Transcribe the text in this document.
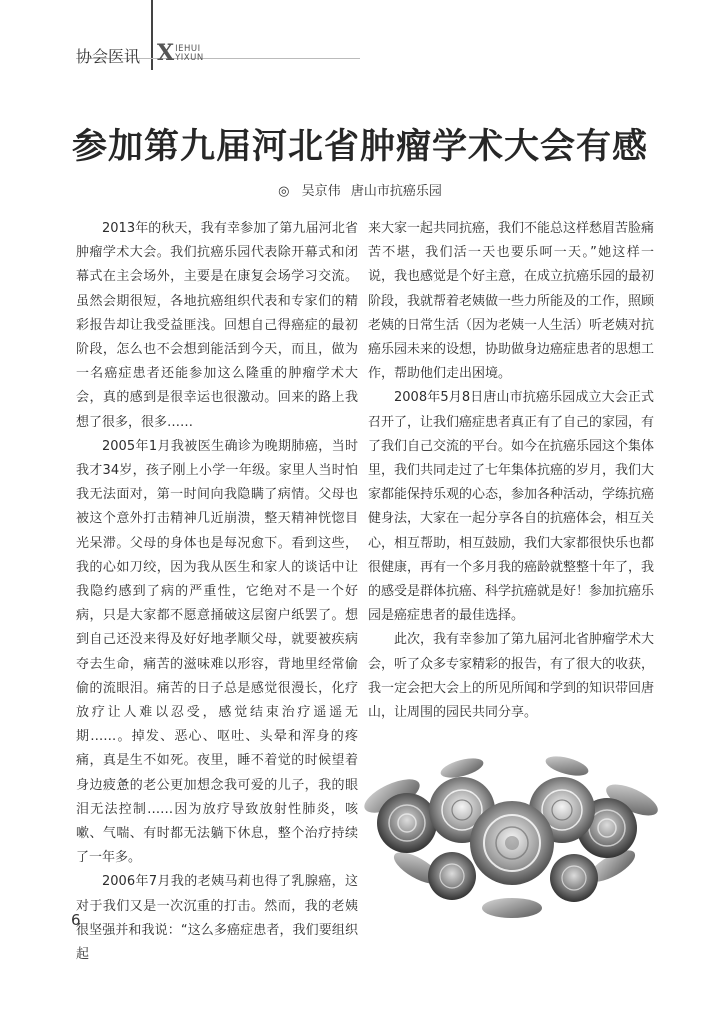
协会医讯 X IEHUI
YIXUN
参加第九届河北省肿瘤学术大会有感
◎ 吴京伟 唐山市抗癌乐园

2013年的秋天，我有幸参加了第九届河北省肿瘤学术大会。我们抗癌乐园代表除开幕式和闭幕式在主会场外，主要是在康复会场学习交流。虽然会期很短，各地抗癌组织代表和专家们的精彩报告却让我受益匪浅。回想自己得癌症的最初阶段，怎么也不会想到能活到今天，而且，做为一名癌症患者还能参加这么隆重的肿瘤学术大会，真的感到是很幸运也很激动。回来的路上我想了很多，很多……

2005年1月我被医生确诊为晚期肺癌，当时我才34岁，孩子刚上小学一年级。家里人当时怕我无法面对，第一时间向我隐瞒了病情。父母也被这个意外打击精神几近崩溃，整天精神恍惚目光呆滞。父母的身体也是每况愈下。看到这些，我的心如刀绞，因为我从医生和家人的谈话中让我隐约感到了病的严重性，它绝对不是一个好病，只是大家都不愿意捅破这层窗户纸罢了。想到自己还没来得及好好地孝顺父母，就要被疾病夺去生命，痛苦的滋味难以形容，背地里经常偷偷的流眼泪。痛苦的日子总是感觉很漫长，化疗放疗让人难以忍受，感觉结束治疗遥遥无期……。掉发、恶心、呕吐、头晕和浑身的疼痛，真是生不如死。夜里，睡不着觉的时候望着身边疲惫的老公更加想念我可爱的儿子，我的眼泪无法控制……因为放疗导致放射性肺炎，咳嗽、气喘、有时都无法躺下休息，整个治疗持续了一年多。

2006年7月我的老姨马莉也得了乳腺癌，这对于我们又是一次沉重的打击。然而，我的老姨很坚强并和我说：“这么多癌症患者，我们要组织起

来大家一起共同抗癌，我们不能总这样愁眉苦脸痛苦不堪，我们活一天也要乐呵一天。”她这样一说，我也感觉是个好主意，在成立抗癌乐园的最初阶段，我就帮着老姨做一些力所能及的工作，照顾老姨的日常生活（因为老姨一人生活）听老姨对抗癌乐园未来的设想，协助做身边癌症患者的思想工作，帮助他们走出困境。

2008年5月8日唐山市抗癌乐园成立大会正式召开了，让我们癌症患者真正有了自己的家园，有了我们自己交流的平台。如今在抗癌乐园这个集体里，我们共同走过了七年集体抗癌的岁月，我们大家都能保持乐观的心态，参加各种活动，学练抗癌健身法，大家在一起分享各自的抗癌体会，相互关心，相互帮助，相互鼓励，我们大家都很快乐也都很健康，再有一个多月我的癌龄就整整十年了，我的感受是群体抗癌、科学抗癌就是好！参加抗癌乐园是癌症患者的最佳选择。

此次，我有幸参加了第九届河北省肿瘤学术大会，听了众多专家精彩的报告，有了很大的收获，我一定会把大会上的所见所闻和学到的知识带回唐山，让周围的园民共同分享。

6
